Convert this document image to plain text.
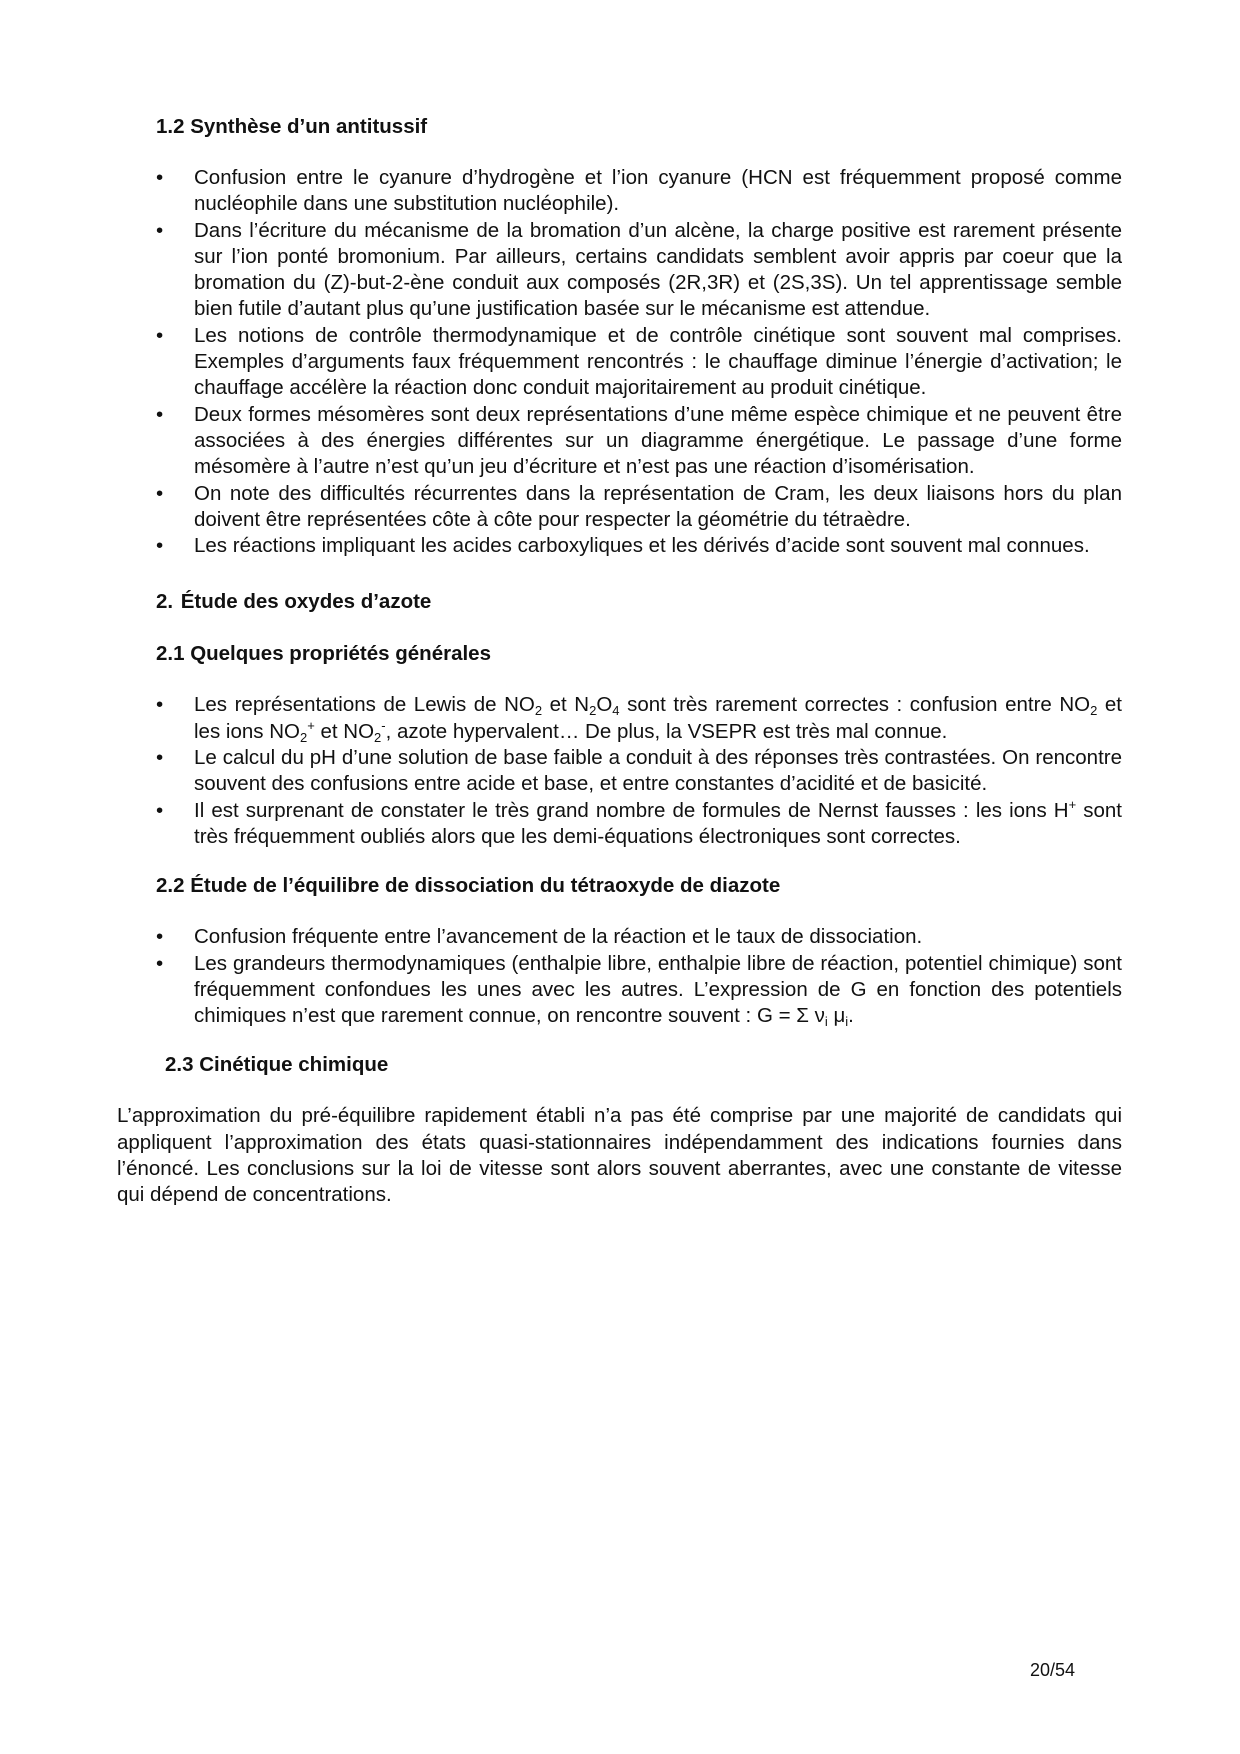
1.2 Synthèse d’un antitussif
•	Confusion entre le cyanure d’hydrogène et l’ion cyanure (HCN est fréquemment proposé comme nucléophile dans une substitution nucléophile).
•	Dans l’écriture du mécanisme de la bromation d’un alcène, la charge positive est rarement présente sur l’ion ponté bromonium. Par ailleurs, certains candidats semblent avoir appris par coeur que la bromation du (Z)-but-2-ène conduit aux composés (2R,3R) et (2S,3S). Un tel apprentissage semble bien futile d’autant plus qu’une justification basée sur le mécanisme est attendue.
•	Les notions de contrôle thermodynamique et de contrôle cinétique sont souvent mal comprises. Exemples d’arguments faux fréquemment rencontrés : le chauffage diminue l’énergie d’activation; le chauffage accélère la réaction donc conduit majoritairement au produit cinétique.
•	Deux formes mésomères sont deux représentations d’une même espèce chimique et ne peuvent être associées à des énergies différentes sur un diagramme énergétique. Le passage d’une forme mésomère à l’autre n’est qu’un jeu d’écriture et n’est pas une réaction d’isomérisation.
•	On note des difficultés récurrentes dans la représentation de Cram, les deux liaisons hors du plan doivent être représentées côte à côte pour respecter la géométrie du tétraèdre.
•	Les réactions impliquant les acides carboxyliques et les dérivés d’acide sont souvent mal connues.
2. Étude des oxydes d’azote
2.1 Quelques propriétés générales
•	Les représentations de Lewis de $NO_2$ et $N_2O_4$ sont très rarement correctes : confusion entre $NO_2$ et les ions $NO_2^+$ et $NO_2^-$, azote hypervalent… De plus, la VSEPR est très mal connue.
•	Le calcul du pH d’une solution de base faible a conduit à des réponses très contrastées. On rencontre souvent des confusions entre acide et base, et entre constantes d’acidité et de basicité.
•	Il est surprenant de constater le très grand nombre de formules de Nernst fausses : les ions H+ sont très fréquemment oubliés alors que les demi-équations électroniques sont correctes.
2.2 Étude de l’équilibre de dissociation du tétraoxyde de diazote
•	Confusion fréquente entre l’avancement de la réaction et le taux de dissociation.
•	Les grandeurs thermodynamiques (enthalpie libre, enthalpie libre de réaction, potentiel chimique) sont fréquemment confondues les unes avec les autres. L’expression de G en fonction des potentiels chimiques n’est que rarement connue, on rencontre souvent : G = Σ $\nu_i$ $\mu_i$.
2.3 Cinétique chimique

L’approximation du pré-équilibre rapidement établi n’a pas été comprise par une majorité de candidats qui appliquent l’approximation des états quasi-stationnaires indépendamment des indications fournies dans l’énoncé. Les conclusions sur la loi de vitesse sont alors souvent aberrantes, avec une constante de vitesse qui dépend de concentrations.

20/54
